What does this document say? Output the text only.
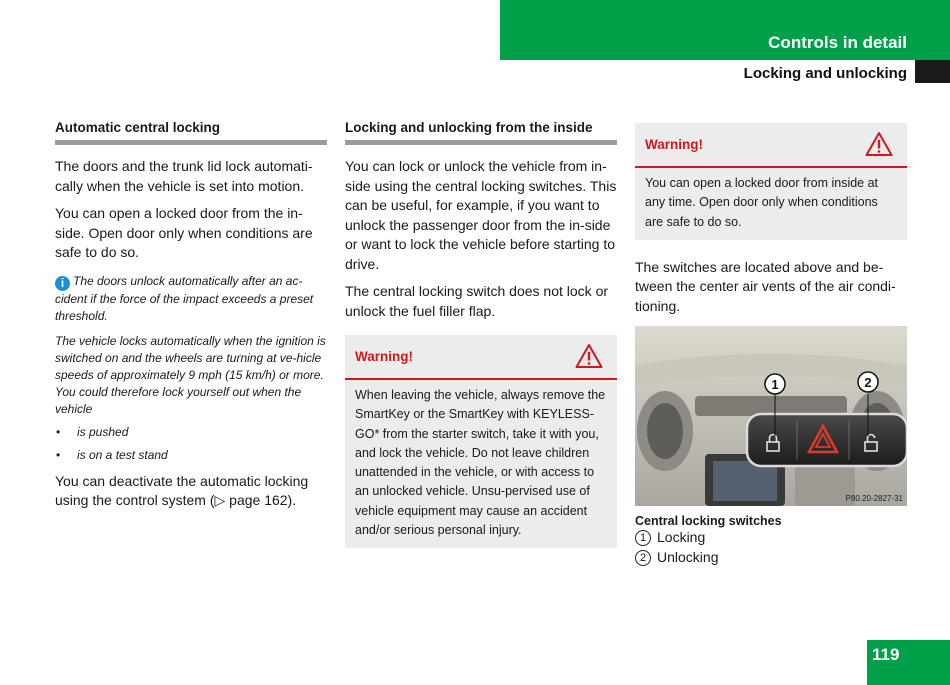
Controls in detail
Locking and unlocking
Automatic central locking

The doors and the trunk lid lock automati-cally when the vehicle is set into motion.

You can open a locked door from the in-side. Open door only when conditions are safe to do so.

i The doors unlock automatically after an ac-cident if the force of the impact exceeds a preset threshold.

The vehicle locks automatically when the ignition is switched on and the wheels are turning at ve-hicle speeds of approximately 9 mph (15 km/h) or more. You could therefore lock yourself out when the vehicle

• is pushed
• is on a test stand

You can deactivate the automatic locking using the control system (▷ page 162).

Locking and unlocking from the inside

You can lock or unlock the vehicle from in-side using the central locking switches. This can be useful, for example, if you want to unlock the passenger door from the in-side or want to lock the vehicle before starting to drive.

The central locking switch does not lock or unlock the fuel filler flap.

Warning!

When leaving the vehicle, always remove the SmartKey or the SmartKey with KEYLESS-GO* from the starter switch, take it with you, and lock the vehicle. Do not leave children unattended in the vehicle, or with access to an unlocked vehicle. Unsu-pervised use of vehicle equipment may cause an accident and/or serious personal injury.

Warning!

You can open a locked door from inside at any time. Open door only when conditions are safe to do so.

The switches are located above and be-tween the center air vents of the air condi-tioning.

1	2
P80.20-2827-31
Central locking switches
1 Locking
2 Unlocking
119
